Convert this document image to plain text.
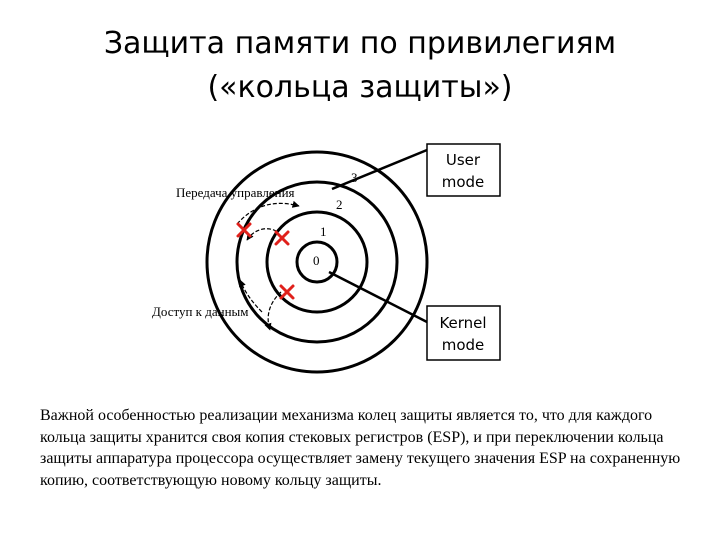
Защита памяти по привилегиям
(«кольца защиты»)
3
2
1
0
User
mode
Kernel
mode
Передача управления
Доступ к данным
Важной особенностью реализации механизма колец защиты является то, что для каждого кольца защиты хранится своя копия стековых регистров (ESP), и при переключении кольца защиты аппаратура процессора осуществляет замену текущего значения ESP на сохраненную копию, соответствующую новому кольцу защиты.
